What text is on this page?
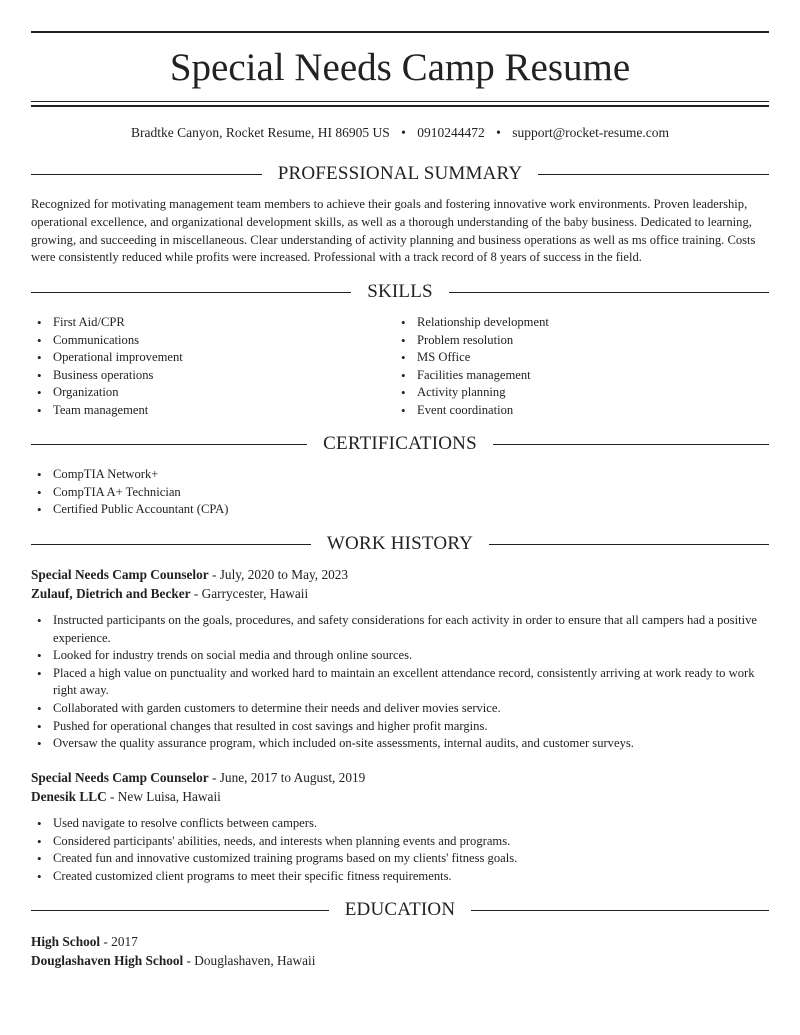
Special Needs Camp Resume
Bradtke Canyon, Rocket Resume, HI 86905 US • 0910244472 • support@rocket-resume.com
PROFESSIONAL SUMMARY

Recognized for motivating management team members to achieve their goals and fostering innovative work environments. Proven leadership, operational excellence, and organizational development skills, as well as a thorough understanding of the baby business. Dedicated to learning, growing, and succeeding in miscellaneous. Clear understanding of activity planning and business operations as well as ms office training. Costs were consistently reduced while profits were increased. Professional with a track record of 8 years of success in the field.

SKILLS
• First Aid/CPR
• Communications
• Operational improvement
• Business operations
• Organization
• Team management
• Relationship development
• Problem resolution
• MS Office
• Facilities management
• Activity planning
• Event coordination
CERTIFICATIONS
• CompTIA Network+
• CompTIA A+ Technician
• Certified Public Accountant (CPA)
WORK HISTORY
Special Needs Camp Counselor - July, 2020 to May, 2023
Zulauf, Dietrich and Becker - Garrycester, Hawaii
• Instructed participants on the goals, procedures, and safety considerations for each activity in order to ensure that all campers had a positive experience.
• Looked for industry trends on social media and through online sources.
• Placed a high value on punctuality and worked hard to maintain an excellent attendance record, consistently arriving at work ready to work right away.
• Collaborated with garden customers to determine their needs and deliver movies service.
• Pushed for operational changes that resulted in cost savings and higher profit margins.
• Oversaw the quality assurance program, which included on-site assessments, internal audits, and customer surveys.
Special Needs Camp Counselor - June, 2017 to August, 2019
Denesik LLC - New Luisa, Hawaii
• Used navigate to resolve conflicts between campers.
• Considered participants' abilities, needs, and interests when planning events and programs.
• Created fun and innovative customized training programs based on my clients' fitness goals.
• Created customized client programs to meet their specific fitness requirements.
EDUCATION
High School - 2017
Douglashaven High School - Douglashaven, Hawaii
